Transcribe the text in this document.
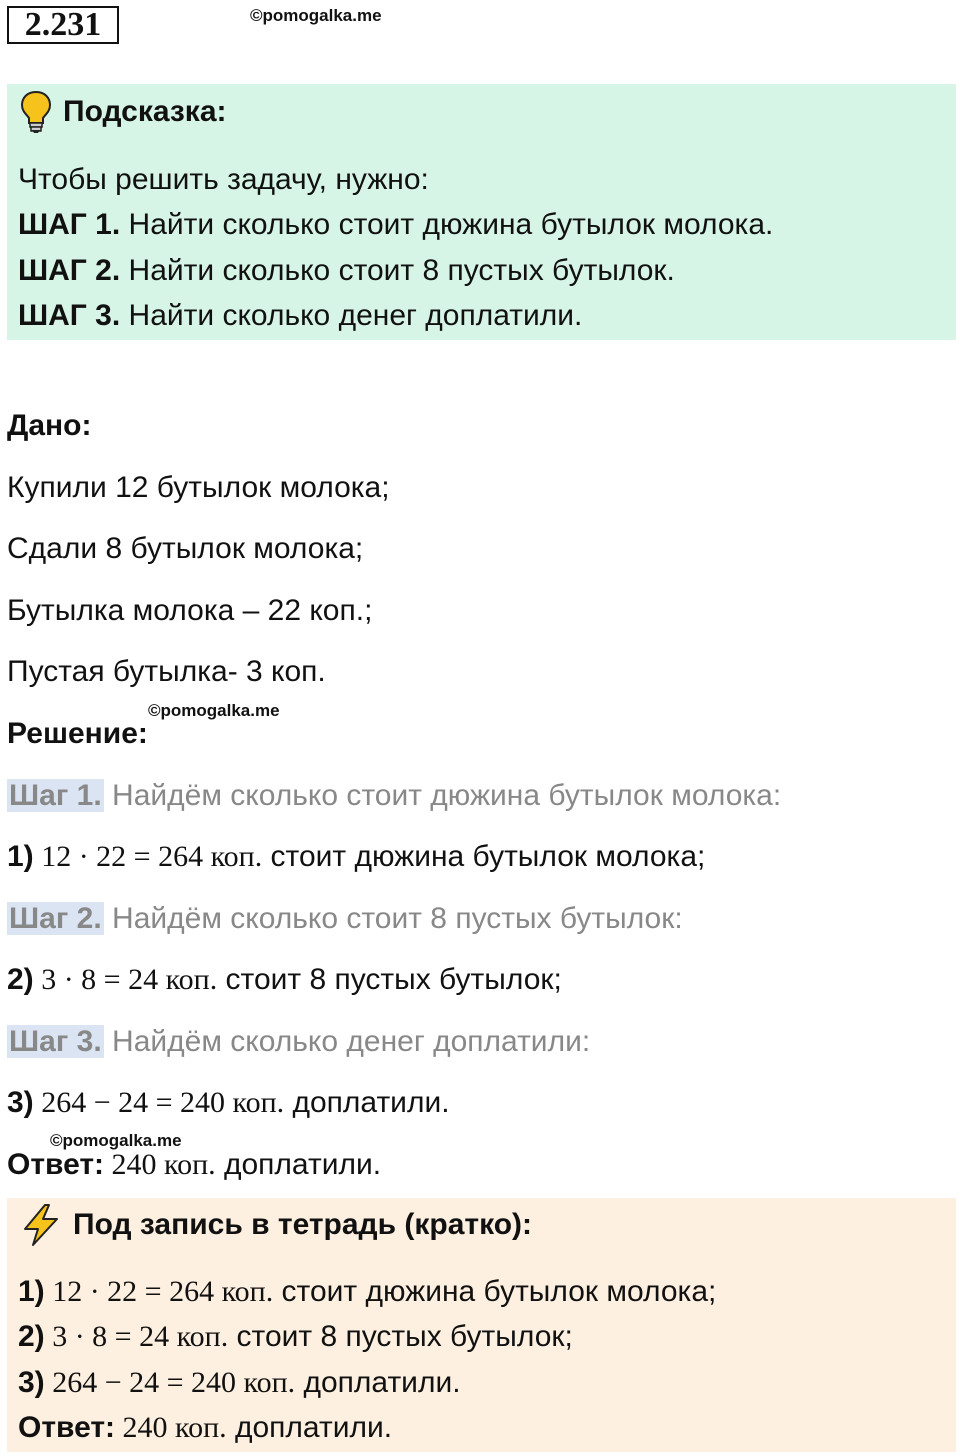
2.231	©pomogalka.me
Подсказка:
Чтобы решить задачу, нужно:
ШАГ 1. Найти сколько стоит дюжина бутылок молока.
ШАГ 2. Найти сколько стоит 8 пустых бутылок.
ШАГ 3. Найти сколько денег доплатили.
Дано:
Купили 12 бутылок молока;
Сдали 8 бутылок молока;
Бутылка молока – 22 коп.;
Пустая бутылка- 3 коп.
©pomogalka.me
Решение:
Шаг 1. Найдём сколько стоит дюжина бутылок молока:
1) 12 · 22 = 264 коп. стоит дюжина бутылок молока;
Шаг 2. Найдём сколько стоит 8 пустых бутылок:
2) 3 · 8 = 24 коп. стоит 8 пустых бутылок;
Шаг 3. Найдём сколько денег доплатили:
3) 264 − 24 = 240 коп. доплатили.
©pomogalka.me
Ответ: 240 коп. доплатили.
Под запись в тетрадь (кратко):
1) 12 · 22 = 264 коп. стоит дюжина бутылок молока;
2) 3 · 8 = 24 коп. стоит 8 пустых бутылок;
3) 264 − 24 = 240 коп. доплатили.
Ответ: 240 коп. доплатили.
